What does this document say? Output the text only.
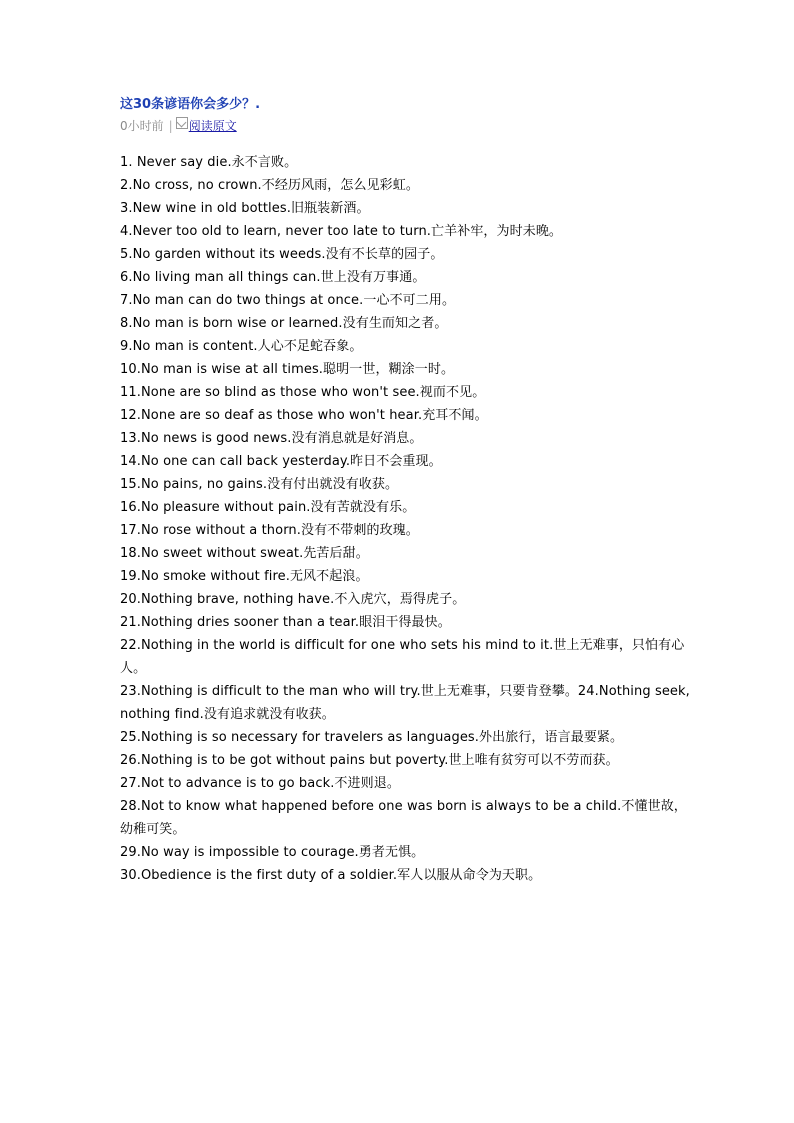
这30条谚语你会多少？.
0小时前 | 阅读原文
1. Never say die.永不言败。
2.No cross, no crown.不经历风雨，怎么见彩虹。
3.New wine in old bottles.旧瓶装新酒。
4.Never too old to learn, never too late to turn.亡羊补牢，为时未晚。
5.No garden without its weeds.没有不长草的园子。
6.No living man all things can.世上没有万事通。
7.No man can do two things at once.一心不可二用。
8.No man is born wise or learned.没有生而知之者。
9.No man is content.人心不足蛇吞象。
10.No man is wise at all times.聪明一世，糊涂一时。
11.None are so blind as those who won't see.视而不见。
12.None are so deaf as those who won't hear.充耳不闻。
13.No news is good news.没有消息就是好消息。
14.No one can call back yesterday.昨日不会重现。
15.No pains, no gains.没有付出就没有收获。
16.No pleasure without pain.没有苦就没有乐。
17.No rose without a thorn.没有不带刺的玫瑰。
18.No sweet without sweat.先苦后甜。
19.No smoke without fire.无风不起浪。
20.Nothing brave, nothing have.不入虎穴，焉得虎子。
21.Nothing dries sooner than a tear.眼泪干得最快。
22.Nothing in the world is difficult for one who sets his mind to it.世上无难事，只怕有心人。
23.Nothing is difficult to the man who will try.世上无难事，只要肯登攀。24.Nothing seek, nothing find.没有追求就没有收获。
25.Nothing is so necessary for travelers as languages.外出旅行，语言最要紧。
26.Nothing is to be got without pains but poverty.世上唯有贫穷可以不劳而获。
27.Not to advance is to go back.不进则退。
28.Not to know what happened before one was born is always to be a child.不懂世故，幼稚可笑。
29.No way is impossible to courage.勇者无惧。
30.Obedience is the first duty of a soldier.军人以服从命令为天职。
